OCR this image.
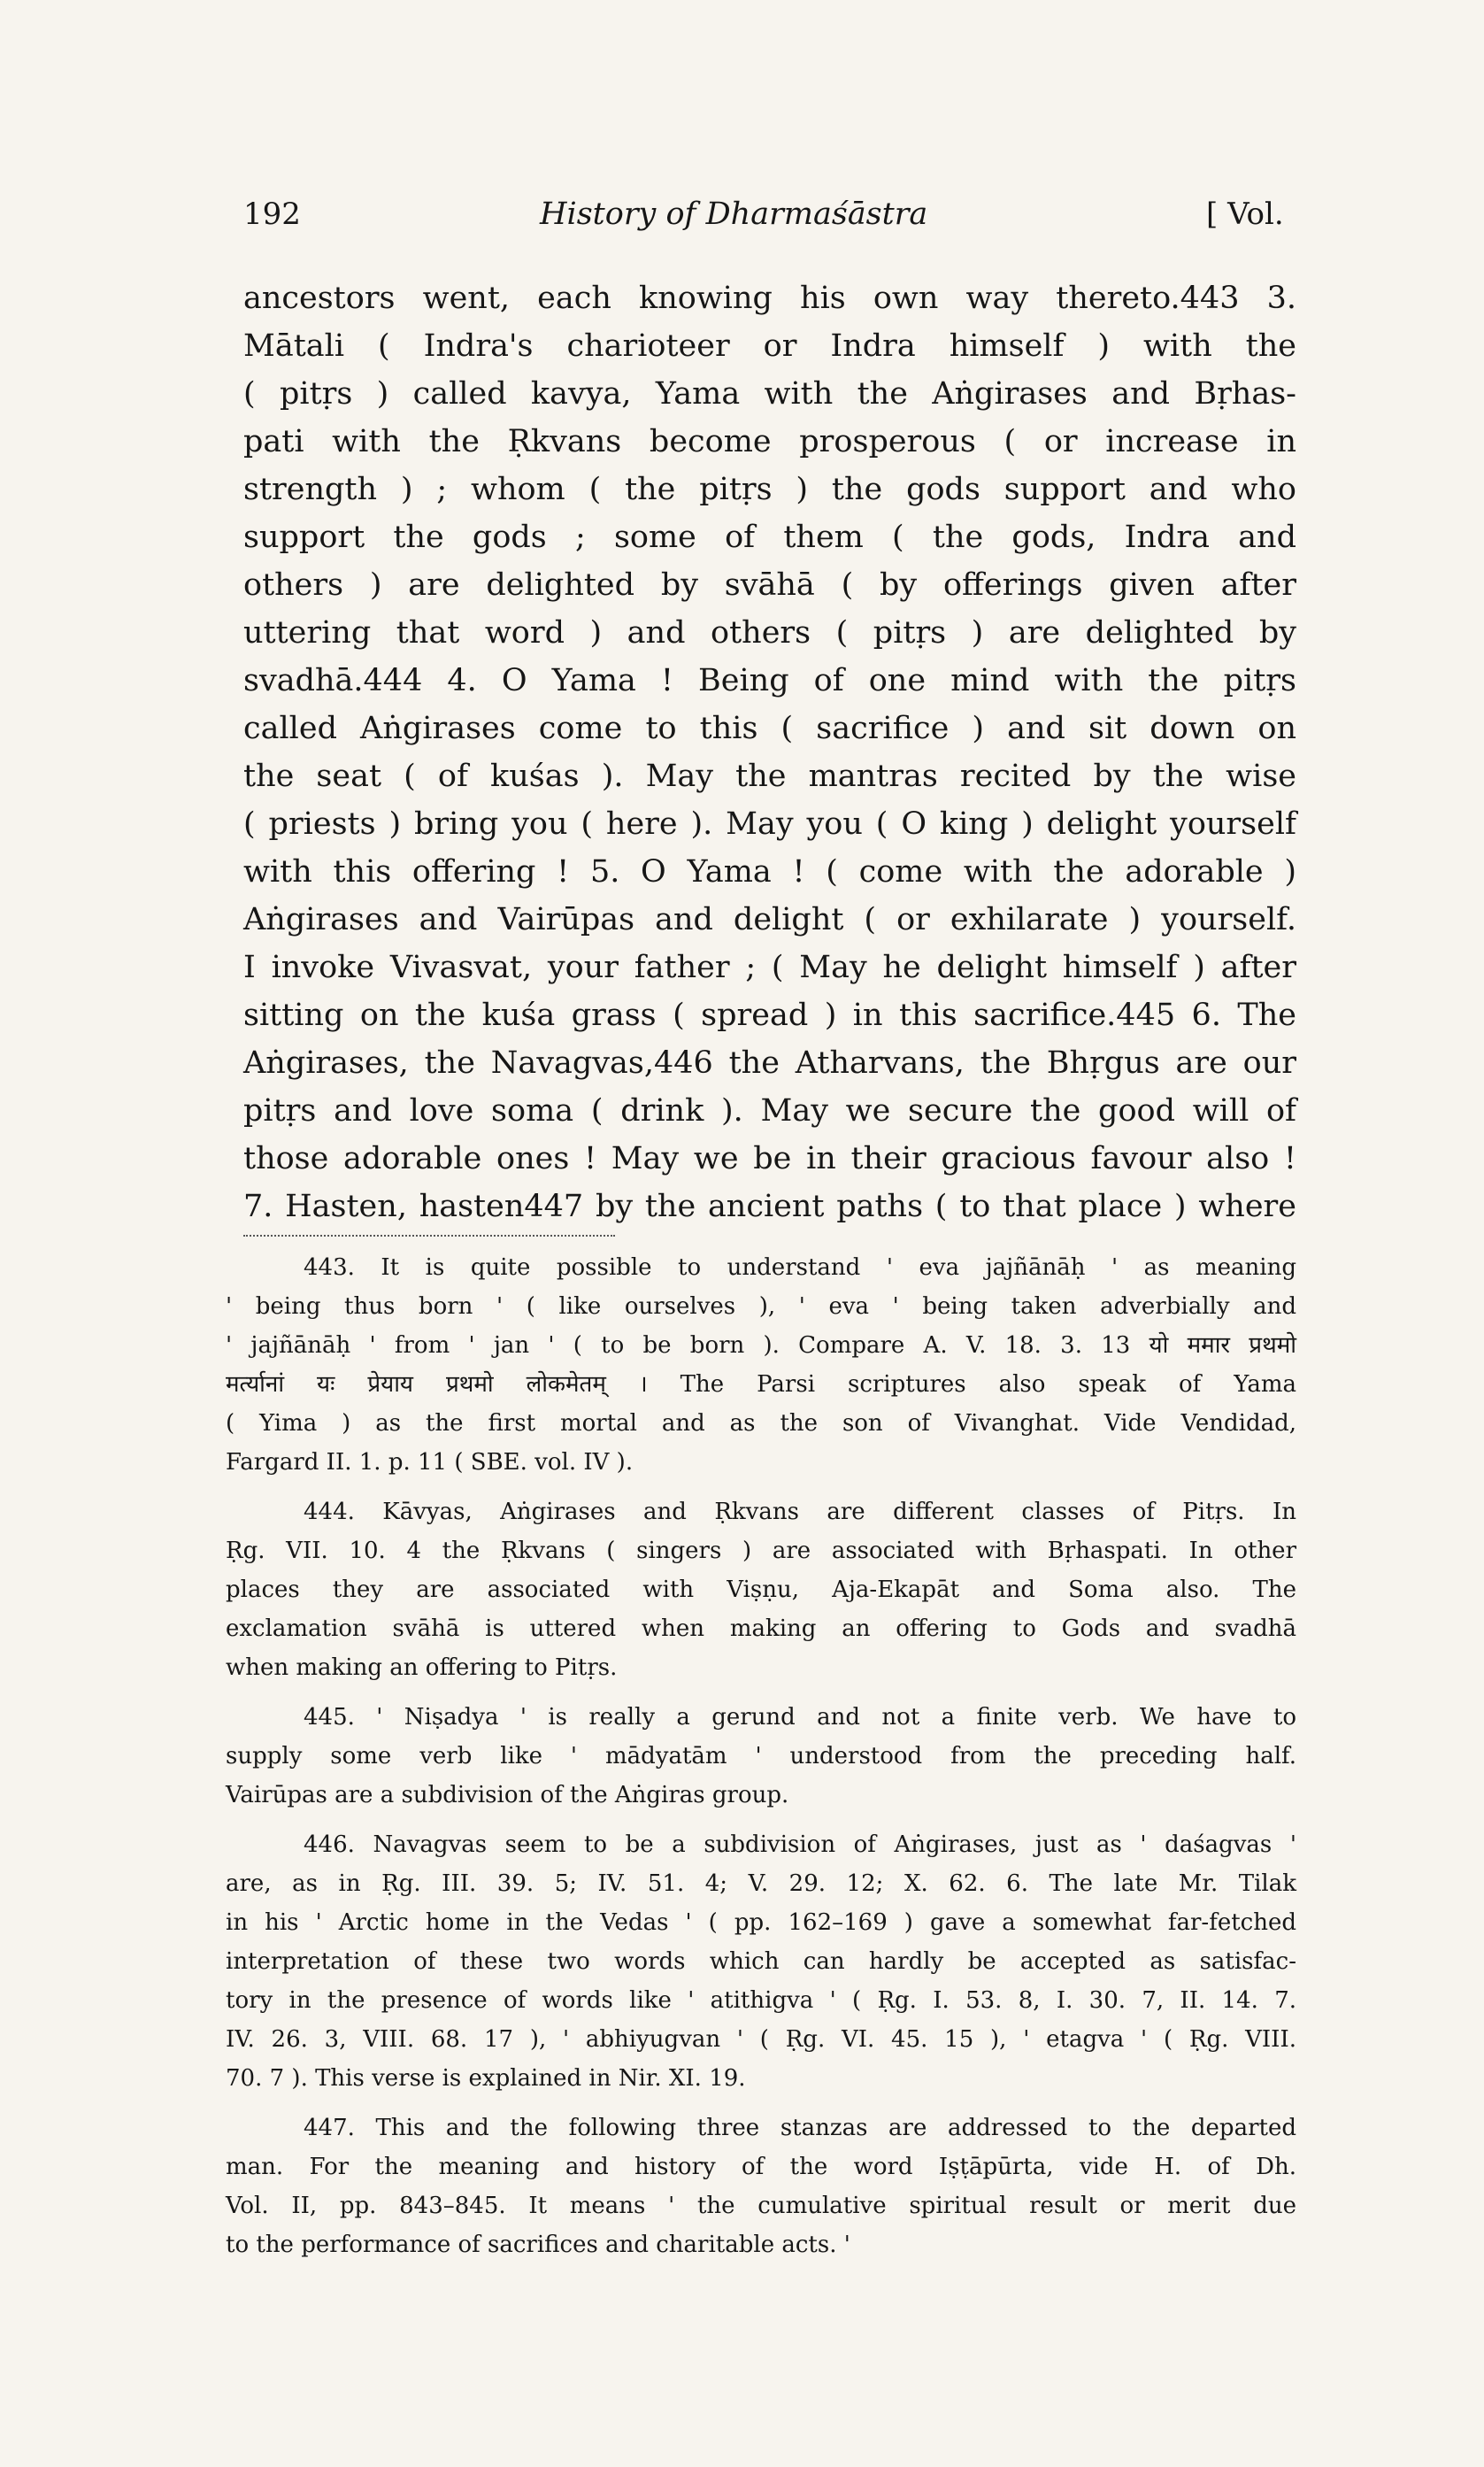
192	History of Dharmaśāstra	[ Vol.
ancestors went, each knowing his own way thereto.443 3.
Mātali ( Indra's charioteer or Indra himself ) with the
( pitṛs ) called kavya, Yama with the Aṅgirases and Bṛhas-
pati with the Ṛkvans become prosperous ( or increase in
strength ) ; whom ( the pitṛs ) the gods support and who
support the gods ; some of them ( the gods, Indra and
others ) are delighted by svāhā ( by offerings given after
uttering that word ) and others ( pitṛs ) are delighted by
svadhā.444 4. O Yama ! Being of one mind with the pitṛs
called Aṅgirases come to this ( sacrifice ) and sit down on
the seat ( of kuśas ). May the mantras recited by the wise
( priests ) bring you ( here ). May you ( O king ) delight yourself
with this offering ! 5. O Yama ! ( come with the adorable )
Aṅgirases and Vairūpas and delight ( or exhilarate ) yourself.
I invoke Vivasvat, your father ; ( May he delight himself ) after
sitting on the kuśa grass ( spread ) in this sacrifice.445 6. The
Aṅgirases, the Navagvas,446 the Atharvans, the Bhṛgus are our
pitṛs and love soma ( drink ). May we secure the good will of
those adorable ones ! May we be in their gracious favour also !
7. Hasten, hasten447 by the ancient paths ( to that place ) where
443. It is quite possible to understand ' eva jajñānāḥ ' as meaning
' being thus born ' ( like ourselves ), ' eva ' being taken adverbially and
' jajñānāḥ ' from ' jan ' ( to be born ). Compare A. V. 18. 3. 13 यो ममार प्रथमो
मर्त्यानां यः प्रेयाय प्रथमो लोकमेतम् । The Parsi scriptures also speak of Yama
( Yima ) as the first mortal and as the son of Vivanghat. Vide Vendidad,
Fargard II. 1. p. 11 ( SBE. vol. IV ).
444. Kāvyas, Aṅgirases and Ṛkvans are different classes of Pitṛs. In
Ṛg. VII. 10. 4 the Ṛkvans ( singers ) are associated with Bṛhaspati. In other
places they are associated with Viṣṇu, Aja-Ekapāt and Soma also. The
exclamation svāhā is uttered when making an offering to Gods and svadhā
when making an offering to Pitṛs.
445. ' Niṣadya ' is really a gerund and not a finite verb. We have to
supply some verb like ' mādyatām ' understood from the preceding half.
Vairūpas are a subdivision of the Aṅgiras group.
446. Navagvas seem to be a subdivision of Aṅgirases, just as ' daśagvas '
are, as in Ṛg. III. 39. 5; IV. 51. 4; V. 29. 12; X. 62. 6. The late Mr. Tilak
in his ' Arctic home in the Vedas ' ( pp. 162–169 ) gave a somewhat far-fetched
interpretation of these two words which can hardly be accepted as satisfac-
tory in the presence of words like ' atithigva ' ( Ṛg. I. 53. 8, I. 30. 7, II. 14. 7.
IV. 26. 3, VIII. 68. 17 ), ' abhiyugvan ' ( Ṛg. VI. 45. 15 ), ' etagva ' ( Ṛg. VIII.
70. 7 ). This verse is explained in Nir. XI. 19.
447. This and the following three stanzas are addressed to the departed
man. For the meaning and history of the word Iṣṭāpūrta, vide H. of Dh.
Vol. II, pp. 843–845. It means ' the cumulative spiritual result or merit due
to the performance of sacrifices and charitable acts. '
